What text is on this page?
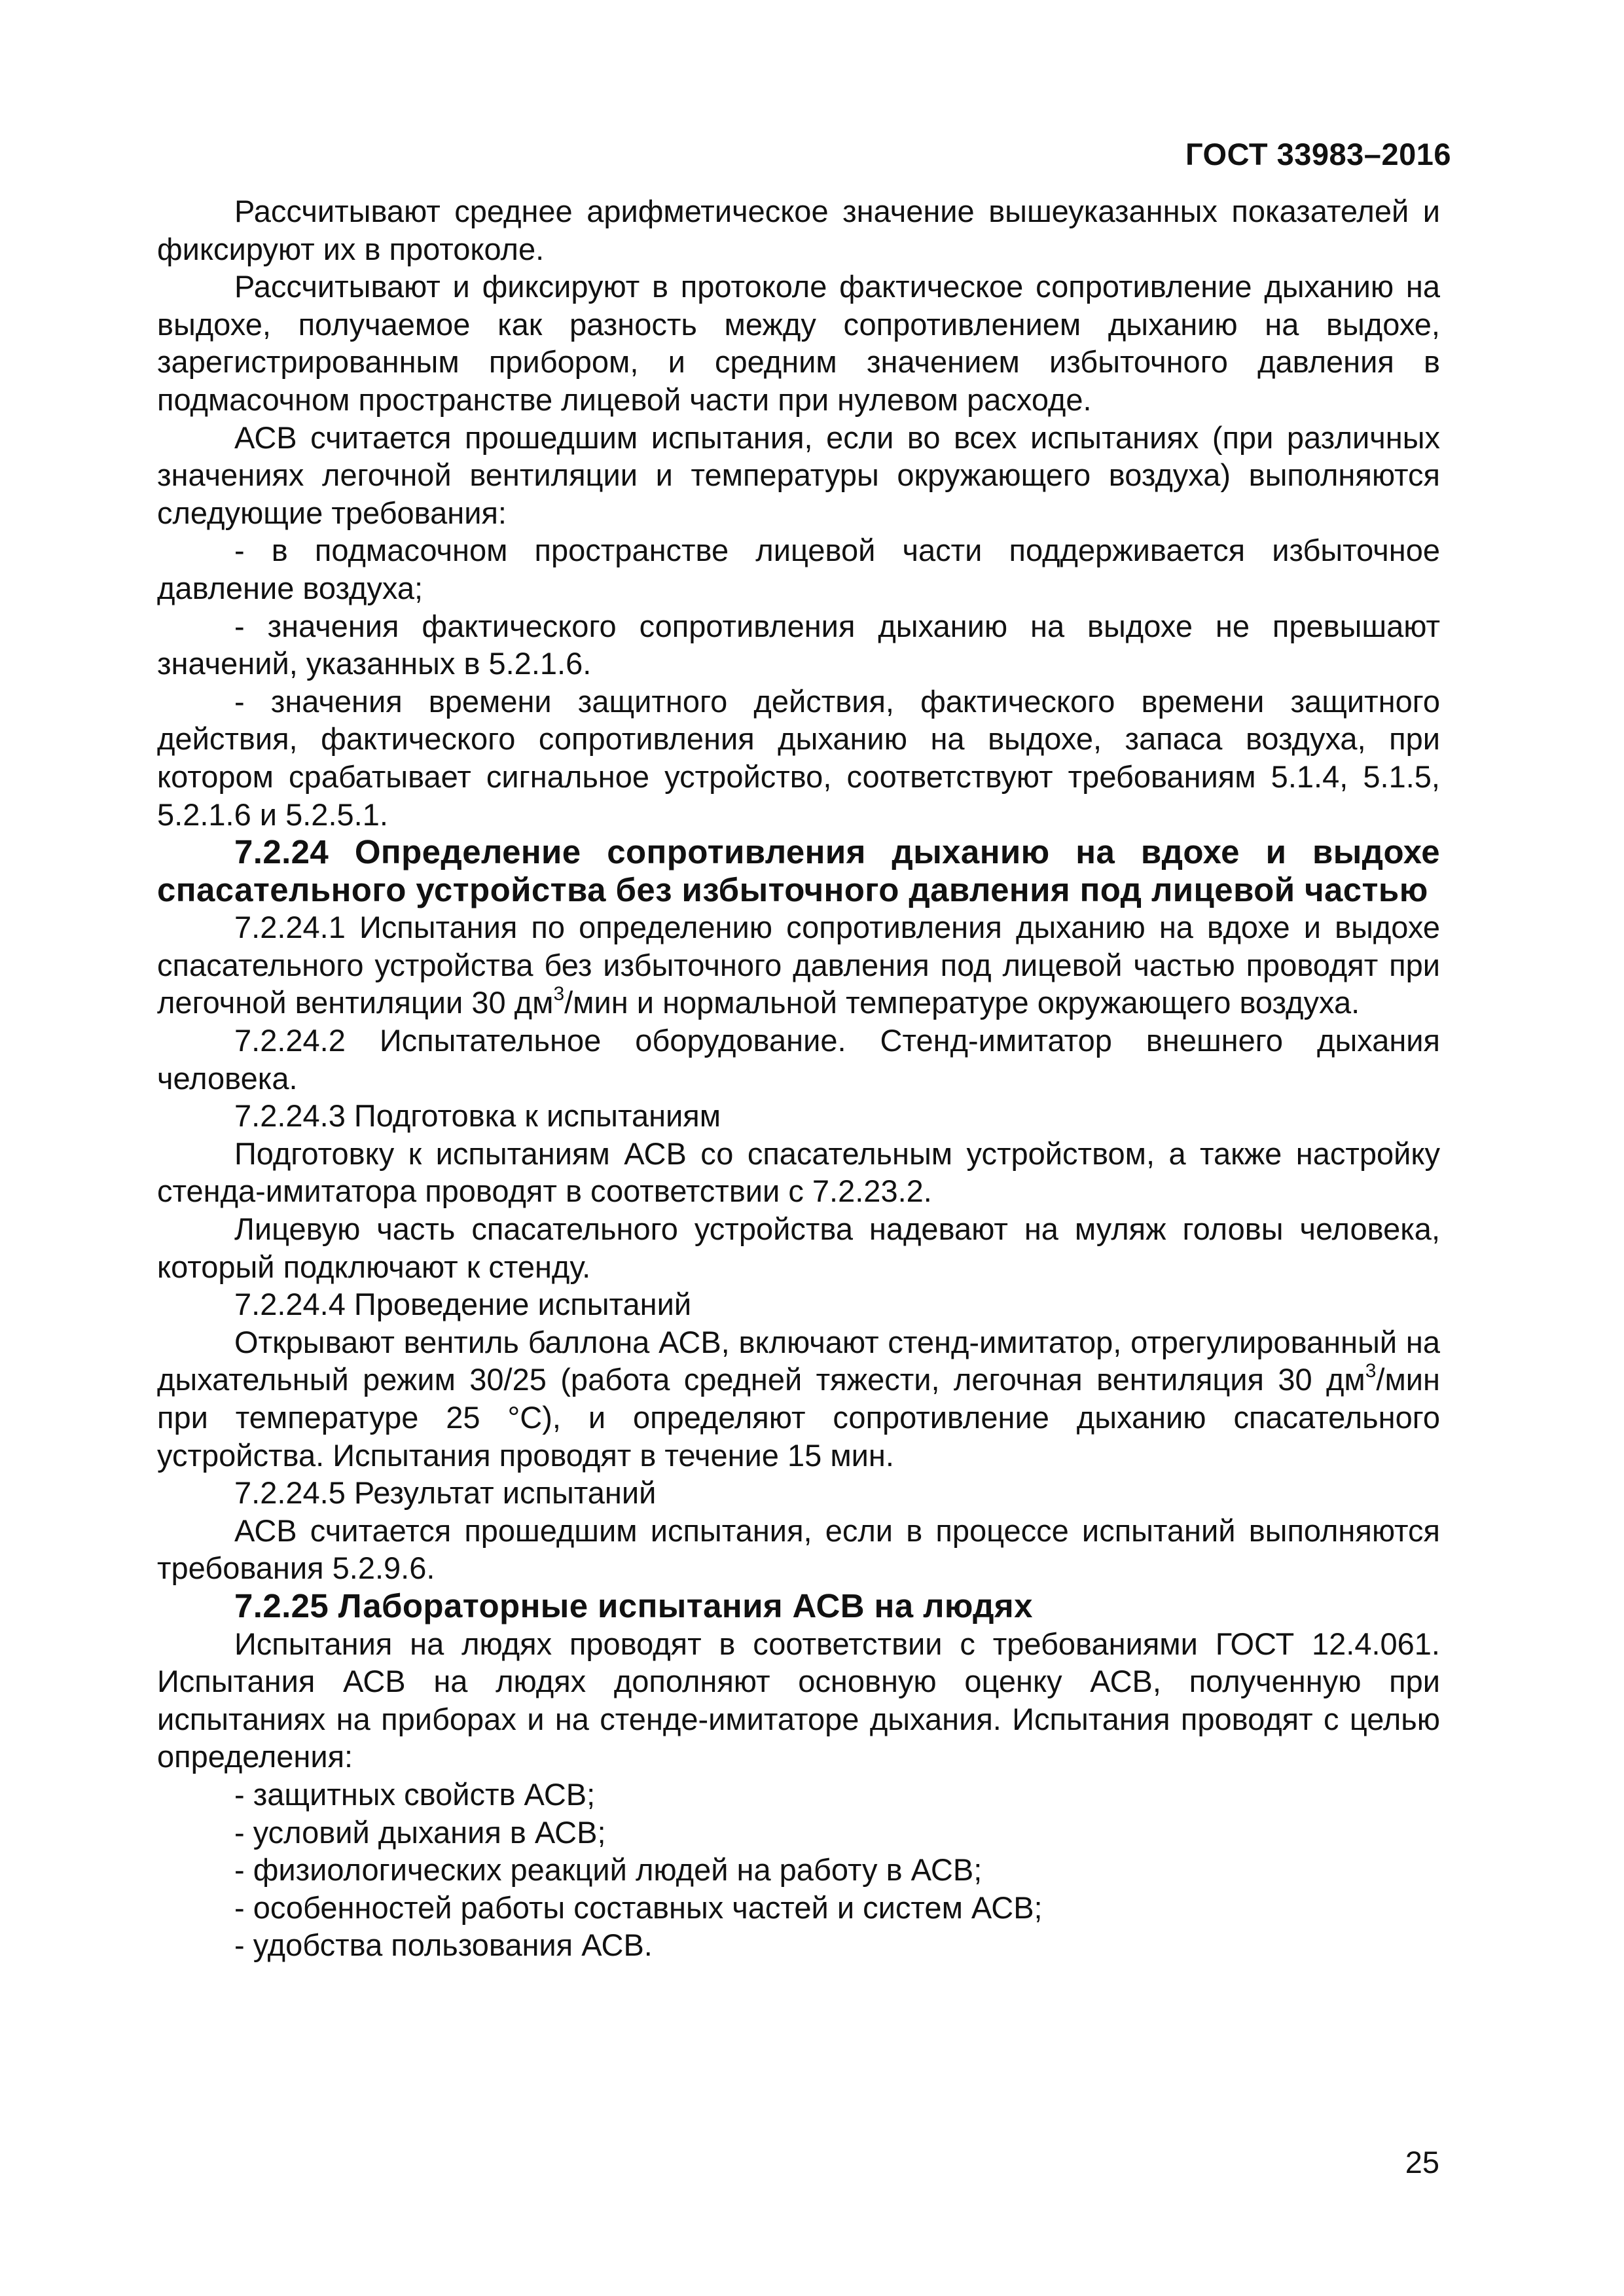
ГОСТ 33983–2016

Рассчитывают среднее арифметическое значение вышеуказанных показателей и фиксируют их в протоколе.

Рассчитывают и фиксируют в протоколе фактическое сопротивление дыханию на выдохе, получаемое как разность между сопротивлением дыханию на выдохе, зарегистрированным прибором, и средним значением избыточного давления в подмасочном пространстве лицевой части при нулевом расходе.

АСВ считается прошедшим испытания, если во всех испытаниях (при различных значениях легочной вентиляции и температуры окружающего воздуха) выполняются следующие требования:

- в подмасочном пространстве лицевой части поддерживается избыточное давление воздуха;

- значения фактического сопротивления дыханию на выдохе не превышают значений, указанных в 5.2.1.6.

- значения времени защитного действия, фактического времени защитного действия, фактического сопротивления дыханию на выдохе, запаса воздуха, при котором срабатывает сигнальное устройство, соответствуют требованиям 5.1.4, 5.1.5, 5.2.1.6 и 5.2.5.1.

7.2.24 Определение сопротивления дыханию на вдохе и выдохе спасательного устройства без избыточного давления под лицевой частью

7.2.24.1 Испытания по определению сопротивления дыханию на вдохе и выдохе спасательного устройства без избыточного давления под лицевой частью проводят при легочной вентиляции 30 $дм^3$/мин и нормальной температуре окружающего воздуха.

7.2.24.2 Испытательное оборудование. Стенд-имитатор внешнего дыхания человека.

7.2.24.3 Подготовка к испытаниям

Подготовку к испытаниям АСВ со спасательным устройством, а также настройку стенда-имитатора проводят в соответствии с 7.2.23.2.

Лицевую часть спасательного устройства надевают на муляж головы человека, который подключают к стенду.

7.2.24.4 Проведение испытаний

Открывают вентиль баллона АСВ, включают стенд-имитатор, отрегулированный на дыхательный режим 30/25 (работа средней тяжести, легочная вентиляция 30 $дм^3$/мин при температуре 25 °С), и определяют сопротивление дыханию спасательного устройства. Испытания проводят в течение 15 мин.

7.2.24.5 Результат испытаний

АСВ считается прошедшим испытания, если в процессе испытаний выполняются требования 5.2.9.6.

7.2.25 Лабораторные испытания АСВ на людях

Испытания на людях проводят в соответствии с требованиями ГОСТ 12.4.061. Испытания АСВ на людях дополняют основную оценку АСВ, полученную при испытаниях на приборах и на стенде-имитаторе дыхания. Испытания проводят с целью определения:

- защитных свойств АСВ;

- условий дыхания в АСВ;

- физиологических реакций людей на работу в АСВ;

- особенностей работы составных частей и систем АСВ;

- удобства пользования АСВ.

25
